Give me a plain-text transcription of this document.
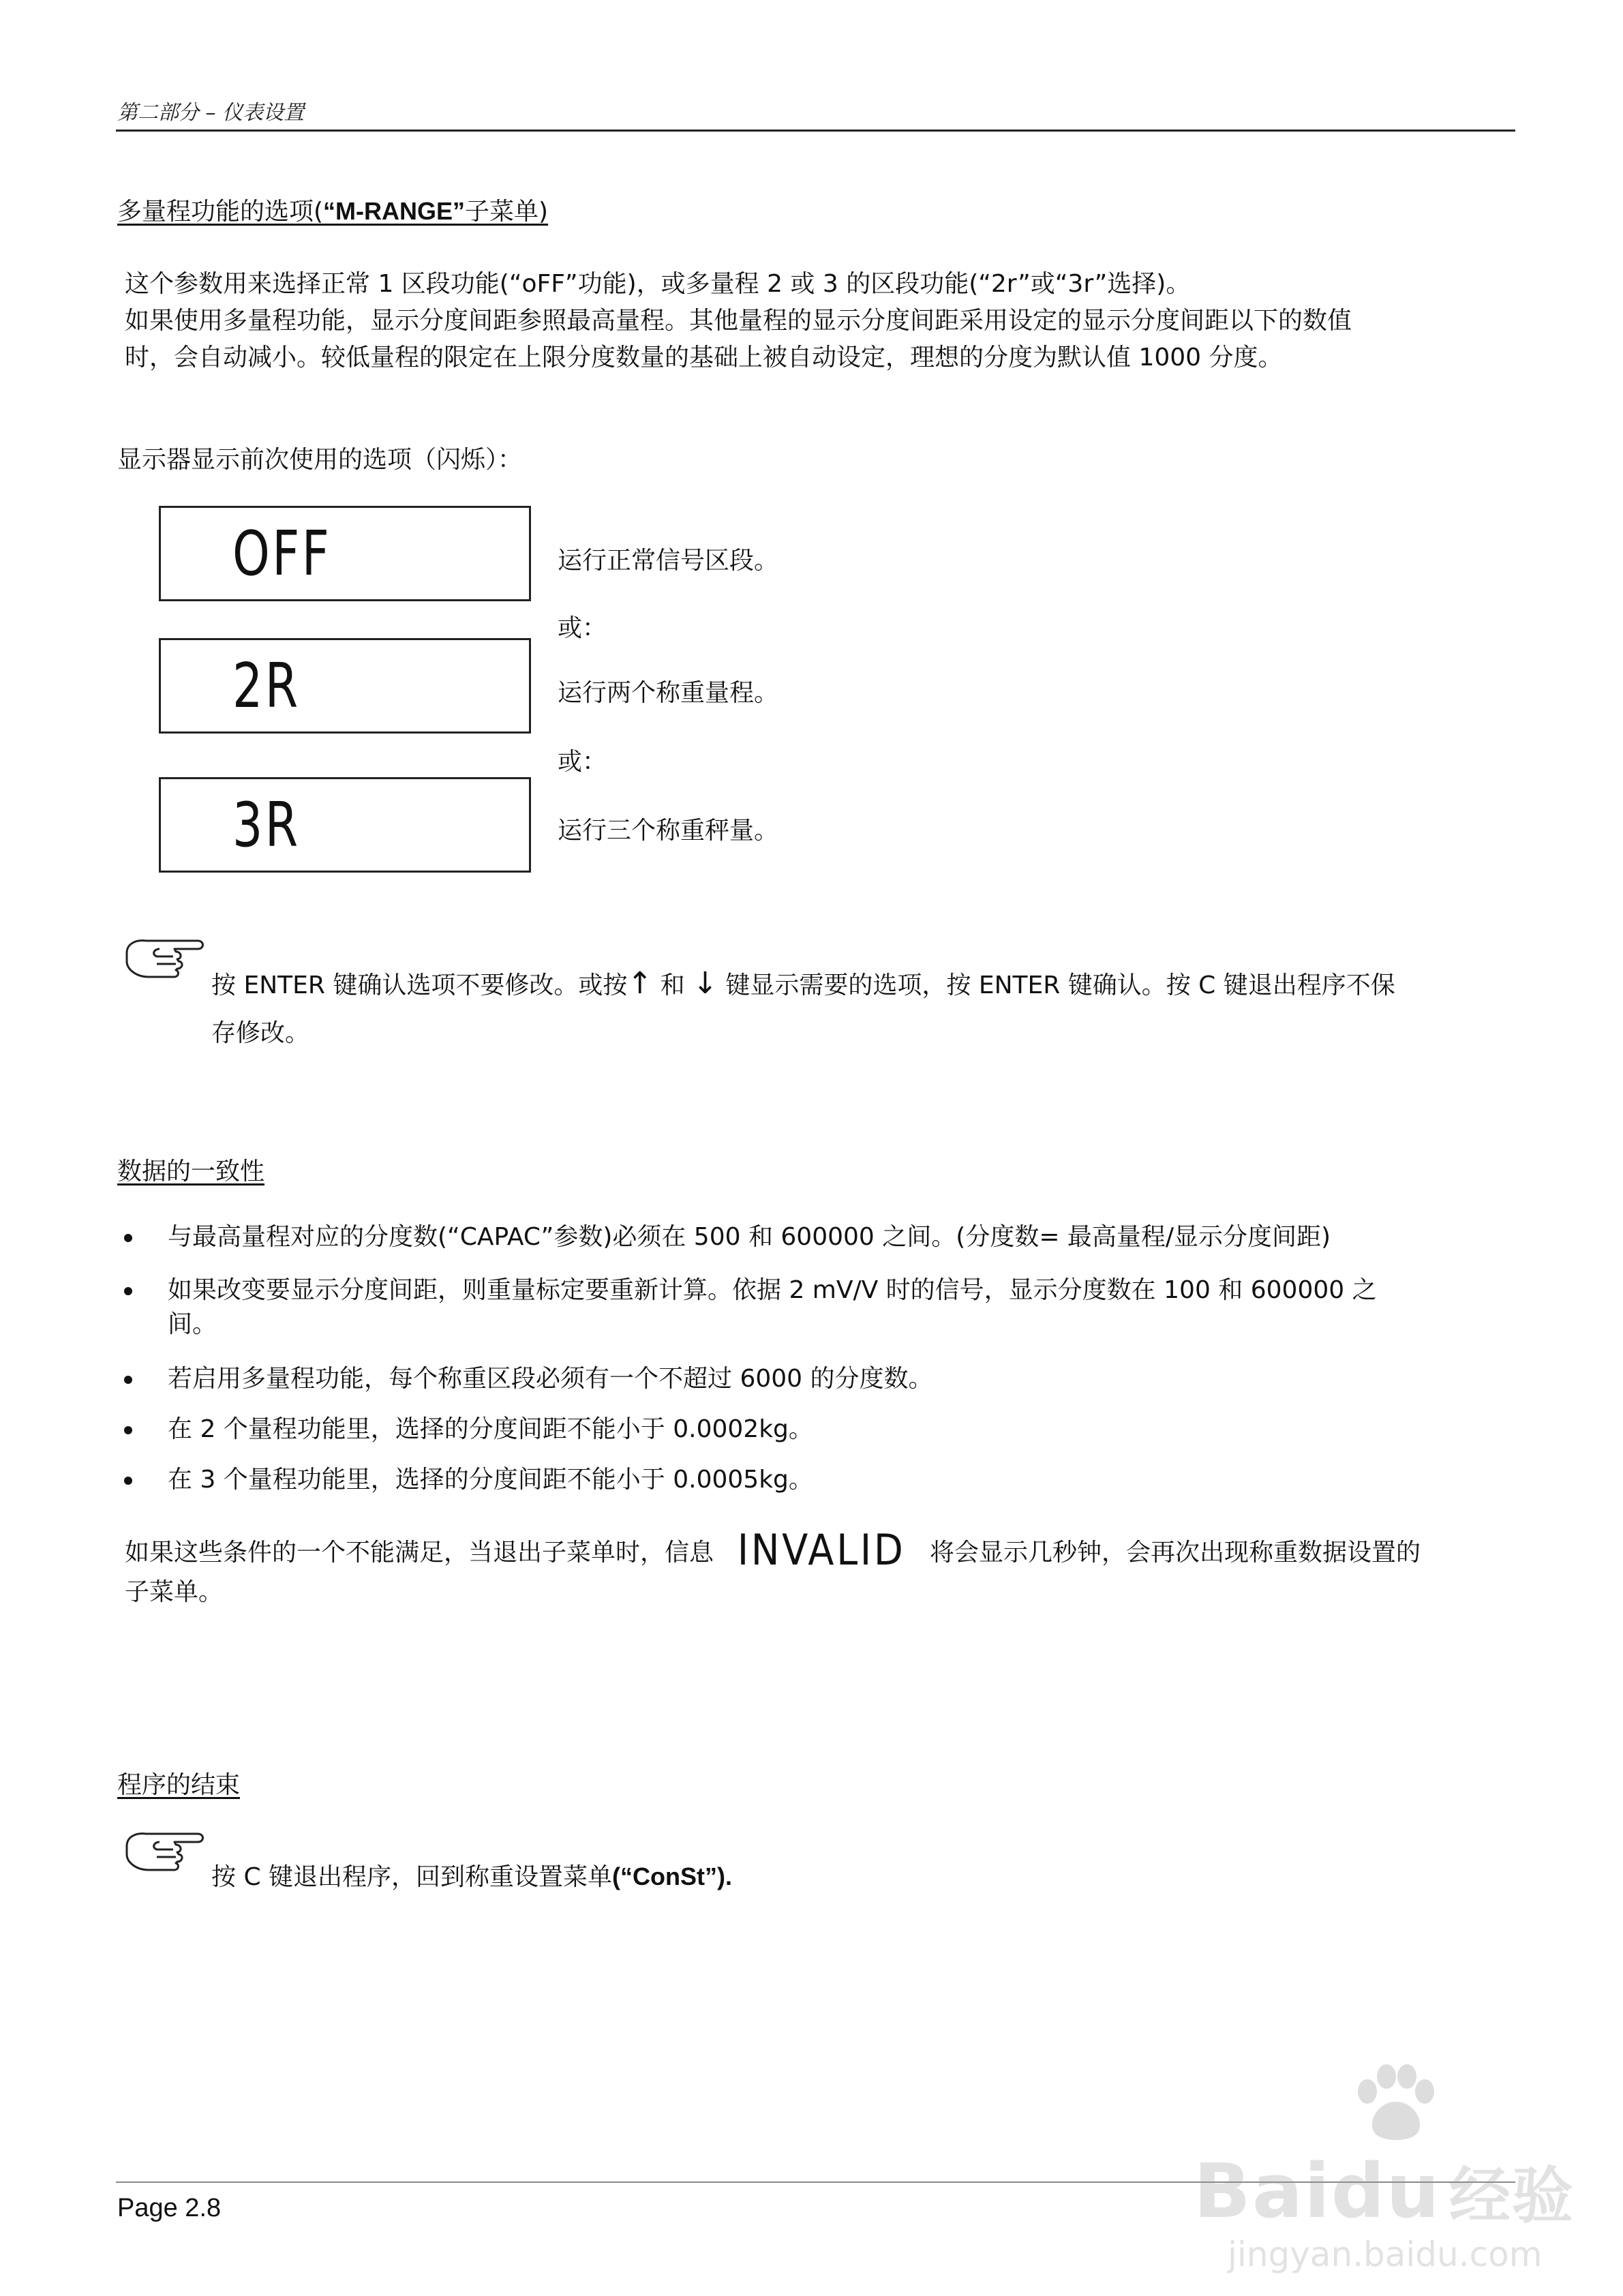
第二部分 – 仪表设置
多量程功能的选项(“M-RANGE”子菜单)
这个参数用来选择正常 1 区段功能(“oFF”功能)，或多量程 2 或 3 的区段功能(“2r”或“3r”选择)。
如果使用多量程功能，显示分度间距参照最高量程。其他量程的显示分度间距采用设定的显示分度间距以下的数值
时，会自动减小。较低量程的限定在上限分度数量的基础上被自动设定，理想的分度为默认值 1000 分度。
显示器显示前次使用的选项（闪烁）：
OFF	运行正常信号区段。
或：
2R	运行两个称重量程。
或：
3R	运行三个称重秤量。
按 ENTER 键确认选项不要修改。或按↑ 和 ↓ 键显示需要的选项，按 ENTER 键确认。按 C 键退出程序不保
存修改。
数据的一致性
与最高量程对应的分度数(“CAPAC”参数)必须在 500 和 600000 之间。(分度数= 最高量程/显示分度间距)
如果改变要显示分度间距，则重量标定要重新计算。依据 2 mV/V 时的信号，显示分度数在 100 和 600000 之
间。
若启用多量程功能，每个称重区段必须有一个不超过 6000 的分度数。
在 2 个量程功能里，选择的分度间距不能小于 0.0002kg。
在 3 个量程功能里，选择的分度间距不能小于 0.0005kg。
如果这些条件的一个不能满足，当退出子菜单时，信息 INVALID 将会显示几秒钟，会再次出现称重数据设置的
子菜单。
程序的结束
按 C 键退出程序，回到称重设置菜单(“ConSt”).
Page 2.8	Baidu 经验
jingyan.baidu.com
